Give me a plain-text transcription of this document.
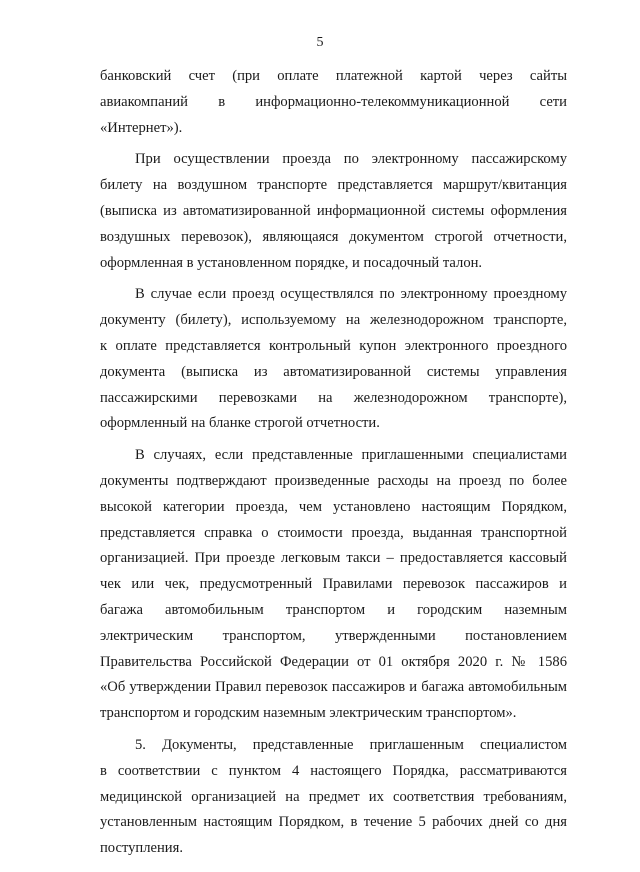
5
банковский счет (при оплате платежной картой через сайты
авиакомпаний в информационно-телекоммуникационной сети
«Интернет»).
При осуществлении проезда по электронному пассажирскому
билету на воздушном транспорте представляется маршрут/квитанция
(выписка из автоматизированной информационной системы оформления
воздушных перевозок), являющаяся документом строгой отчетности,
оформленная в установленном порядке, и посадочный талон.
В случае если проезд осуществлялся по электронному проездному
документу (билету), используемому на железнодорожном транспорте,
к оплате представляется контрольный купон электронного проездного
документа (выписка из автоматизированной системы управления
пассажирскими перевозками на железнодорожном транспорте),
оформленный на бланке строгой отчетности.
В случаях, если представленные приглашенными специалистами
документы подтверждают произведенные расходы на проезд по более
высокой категории проезда, чем установлено настоящим Порядком,
представляется справка о стоимости проезда, выданная транспортной
организацией. При проезде легковым такси – предоставляется кассовый
чек или чек, предусмотренный Правилами перевозок пассажиров и
багажа автомобильным транспортом и городским наземным
электрическим транспортом, утвержденными постановлением
Правительства Российской Федерации от 01 октября 2020 г. № 1586
«Об утверждении Правил перевозок пассажиров и багажа автомобильным
транспортом и городским наземным электрическим транспортом».
5. Документы, представленные приглашенным специалистом
в соответствии с пунктом 4 настоящего Порядка, рассматриваются
медицинской организацией на предмет их соответствия требованиям,
установленным настоящим Порядком, в течение 5 рабочих дней со дня
поступления.
